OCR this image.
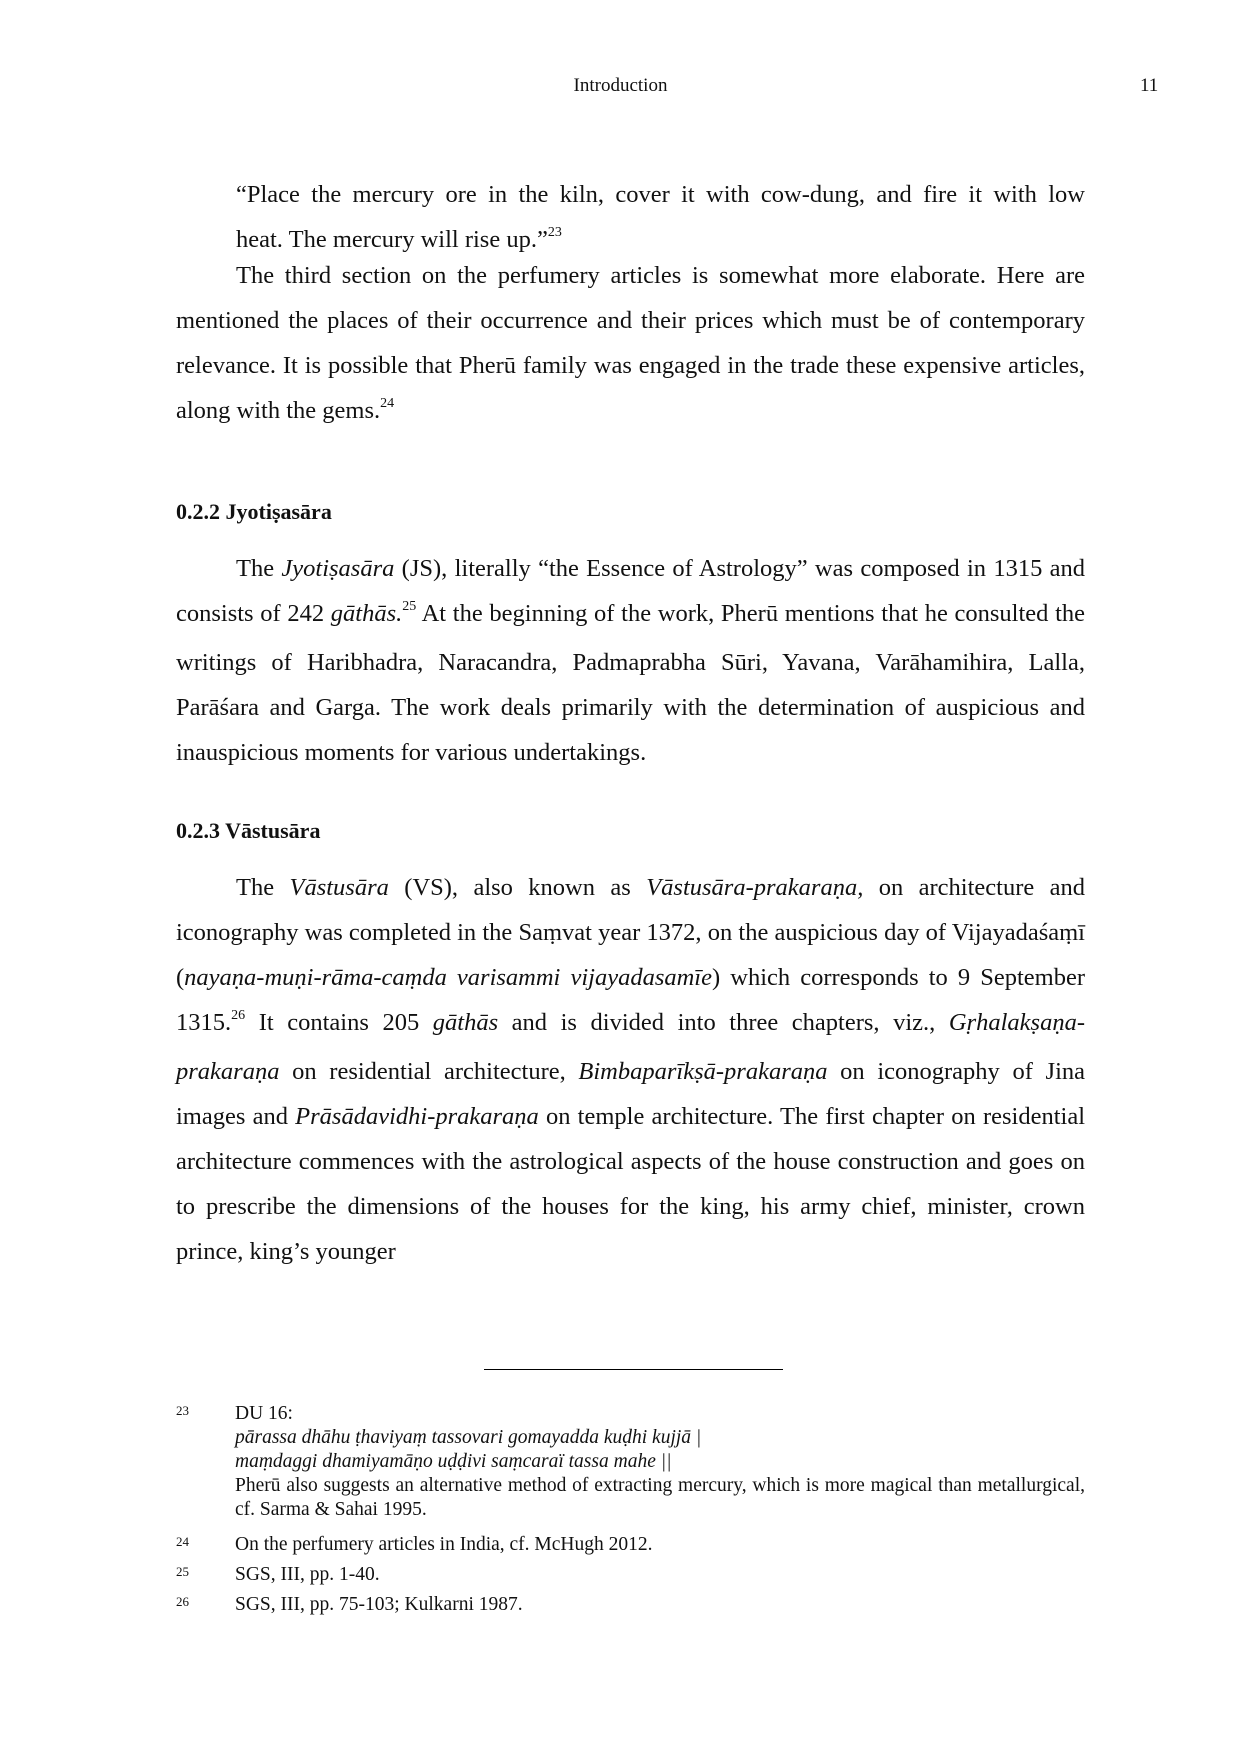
Introduction	11

“Place the mercury ore in the kiln, cover it with cow-dung, and fire it with low
heat. The mercury will rise up.”$^{23}$

The third section on the perfumery articles is somewhat more elaborate. Here are mentioned the places of their occurrence and their prices which must be of contemporary relevance. It is possible that Pherū family was engaged in the trade these expensive articles, along with the gems.$^{24}$

0.2.2 Jyotiṣasāra

The Jyotiṣasāra (JS), literally “the Essence of Astrology” was composed in 1315 and consists of 242 gāthās.$^{25}$ At the beginning of the work, Pherū mentions that he consulted the writings of Haribhadra, Naracandra, Padmaprabha Sūri, Yavana, Varāhamihira, Lalla, Parāśara and Garga. The work deals primarily with the determination of auspicious and inauspicious moments for various undertakings.

0.2.3 Vāstusāra

The Vāstusāra (VS), also known as Vāstusāra-prakaraṇa, on architecture and iconography was completed in the Saṃvat year 1372, on the auspicious day of Vijayadaśaṃī (nayaṇa-muṇi-rāma-caṃda varisammi vijayadasamīe) which corresponds to 9 September 1315.26 It contains 205 gāthās and is divided into three chapters, viz., Gṛhalakṣaṇa-prakaraṇa on residential architecture, Bimbaparīkṣā-prakaraṇa on iconography of Jina images and Prāsādavidhi-prakaraṇa on temple architecture. The first chapter on residential architecture commences with the astrological aspects of the house construction and goes on to prescribe the dimensions of the houses for the king, his army chief, minister, crown prince, king’s younger

23 DU 16:
pārassa dhāhu ṭhaviyaṃ tassovari gomayadda kuḍhi kujjā |
maṃdaggi dhamiyamāṇo uḍḍivi saṃcaraï tassa mahe ||
Pherū also suggests an alternative method of extracting mercury, which is more magical than metallurgical, cf. Sarma & Sahai 1995.
24 On the perfumery articles in India, cf. McHugh 2012.
25 SGS, III, pp. 1-40.
26 SGS, III, pp. 75-103; Kulkarni 1987.
